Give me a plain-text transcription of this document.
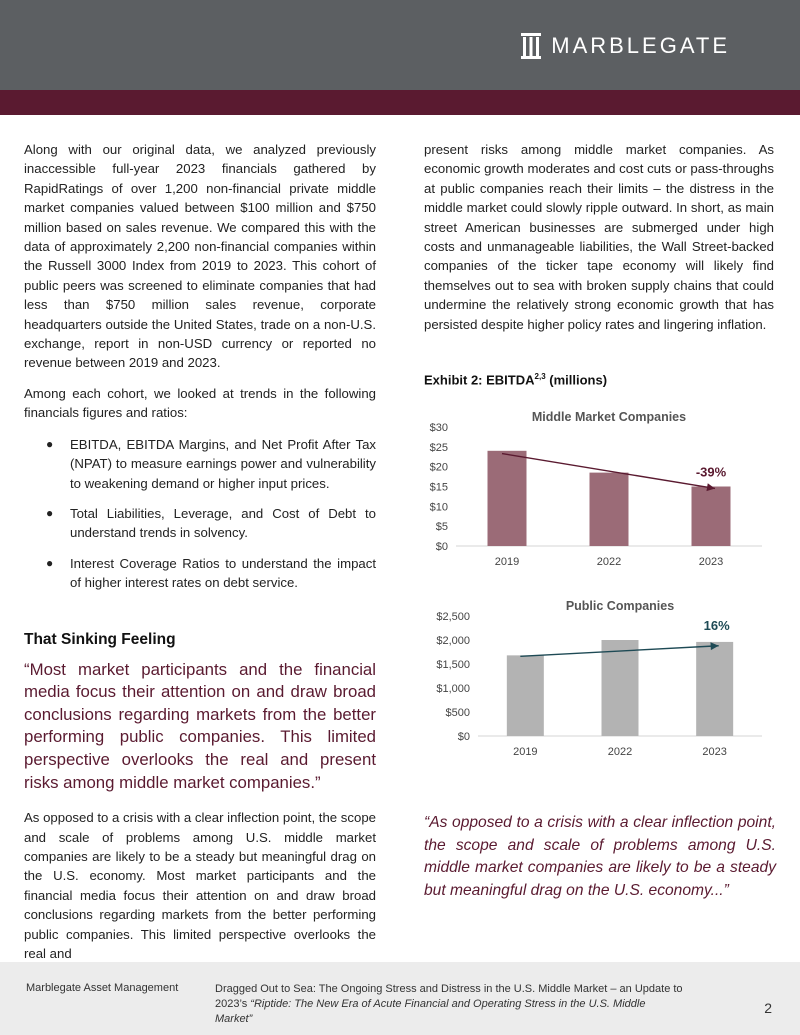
MARBLEGATE

Along with our original data, we analyzed previously inaccessible full-year 2023 financials gathered by RapidRatings of over 1,200 non-financial private middle market companies valued between $100 million and $750 million based on sales revenue. We compared this with the data of approximately 2,200 non-financial companies within the Russell 3000 Index from 2019 to 2023. This cohort of public peers was screened to eliminate companies that had less than $750 million sales revenue, corporate headquarters outside the United States, trade on a non-U.S. exchange, report in non-USD currency or reported no revenue between 2019 and 2023.

Among each cohort, we looked at trends in the following financials figures and ratios:

● EBITDA, EBITDA Margins, and Net Profit After Tax (NPAT) to measure earnings power and vulnerability to weakening demand or higher input prices.
● Total Liabilities, Leverage, and Cost of Debt to understand trends in solvency.
● Interest Coverage Ratios to understand the impact of higher interest rates on debt service.
That Sinking Feeling

“Most market participants and the financial media focus their attention on and draw broad conclusions regarding markets from the better performing public companies. This limited perspective overlooks the real and present risks among middle market companies.”

As opposed to a crisis with a clear inflection point, the scope and scale of problems among U.S. middle market companies are likely to be a steady but meaningful drag on the U.S. economy. Most market participants and the financial media focus their attention on and draw broad conclusions regarding markets from the better performing public companies. This limited perspective overlooks the real and

present risks among middle market companies. As economic growth moderates and cost cuts or pass-throughs at public companies reach their limits – the distress in the middle market could slowly ripple outward. In short, as main street American businesses are submerged under high costs and unmanageable liabilities, the Wall Street-backed companies of the ticker tape economy will likely find themselves out to sea with broken supply chains that could undermine the relatively strong economic growth that has persisted despite higher policy rates and lingering inflation.

Exhibit 2: EBITDA$^{2,3}$ (millions)
Middle Market Companies
$0
$5
$10
$15
$20
$25
$30
2019	2022	2023
-39%
Public Companies
$0
$500
$1,000
$1,500
$2,000
$2,500
2019	2022	2023
16%

“As opposed to a crisis with a clear inflection point, the scope and scale of problems among U.S. middle market companies are likely to be a steady but meaningful drag on the U.S. economy...”

Marblegate Asset Management	Dragged Out to Sea: The Ongoing Stress and Distress in the U.S. Middle Market – an Update to
2023’s “Riptide: The New Era of Acute Financial and Operating Stress in the U.S. Middle Market”
2
